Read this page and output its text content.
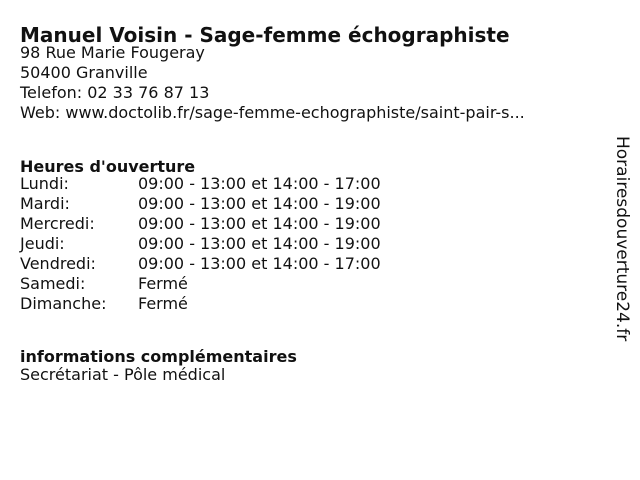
Manuel Voisin - Sage-femme échographiste
98 Rue Marie Fougeray
50400 Granville
Telefon: 02 33 76 87 13
Web: www.doctolib.fr/sage-femme-echographiste/saint-pair-s...
Heures d'ouverture
Lundi:	09:00 - 13:00 et 14:00 - 17:00
Mardi:	09:00 - 13:00 et 14:00 - 19:00
Mercredi:	09:00 - 13:00 et 14:00 - 19:00
Jeudi:	09:00 - 13:00 et 14:00 - 19:00
Vendredi:	09:00 - 13:00 et 14:00 - 17:00
Samedi:	Fermé
Dimanche: Fermé
informations complémentaires
Secrétariat - Pôle médical
Horairesdouverture24.fr
